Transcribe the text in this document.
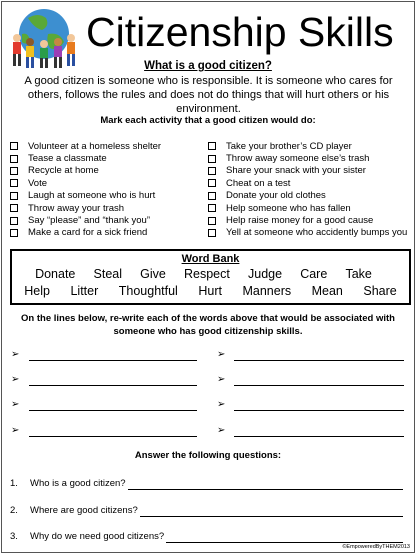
Citizenship Skills
What is a good citizen?
A good citizen is someone who is responsible. It is someone who cares for others, follows the rules and does not do things that will hurt others or his environment.
Mark each activity that a good citizen would do:
Volunteer at a homeless shelter
Tease a classmate
Recycle at home
Vote
Laugh at someone who is hurt
Throw away your trash
Say “please” and “thank you”
Make a card for a sick friend
Take your brother’s CD player
Throw away someone else’s trash
Share your snack with your sister
Cheat on a test
Donate your old clothes
Help someone who has fallen
Help raise money for a good cause
Yell at someone who accidently bumps you
Word Bank
Donate Steal Give Respect Judge Care Take
Help Litter Thoughtful Hurt Manners Mean Share
On the lines below, re-write each of the words above that would be associated with someone who has good citizenship skills.
➢	➢
➢	➢
➢	➢
➢	➢
Answer the following questions:
1. Who is a good citizen?
2. Where are good citizens?
3. Why do we need good citizens?
©EmpoweredByTHEM2013
